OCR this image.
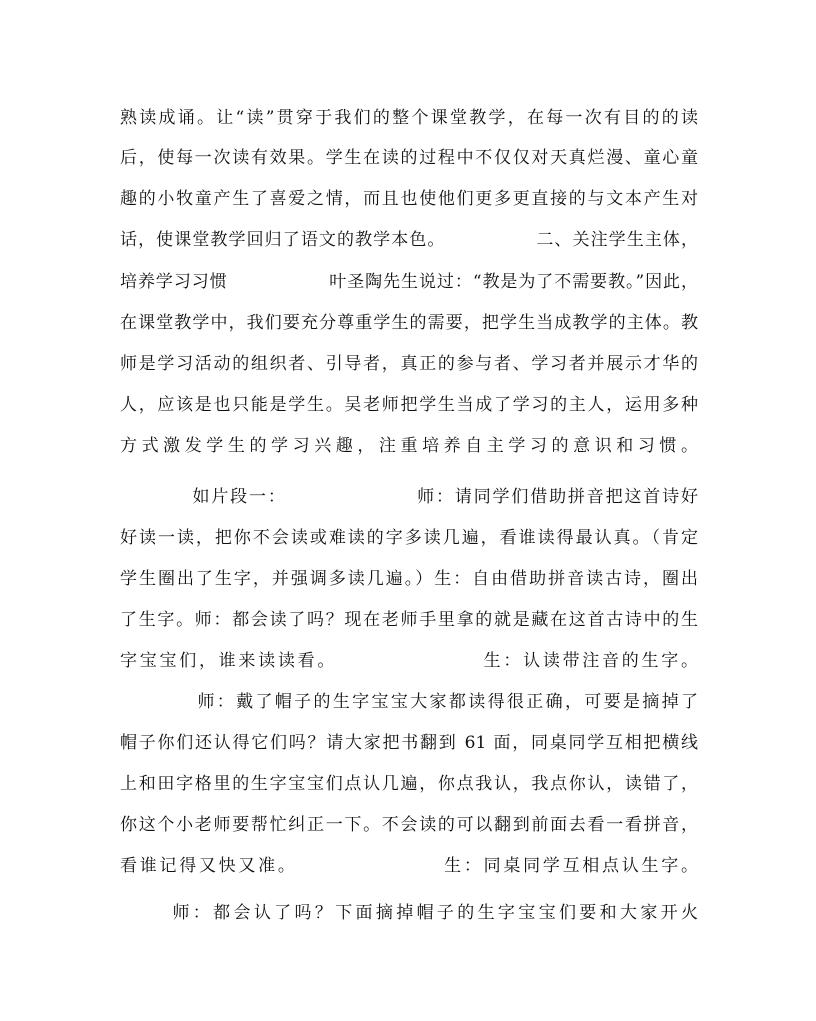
熟读成诵。让“读”贯穿于我们的整个课堂教学，在每一次有目的的读
后，使每一次读有效果。学生在读的过程中不仅仅对天真烂漫、童心童
趣的小牧童产生了喜爱之情，而且也使他们更多更直接的与文本产生对
话，使课堂教学回归了语文的教学本色。              二、关注学生主体，
培养学习习惯                叶圣陶先生说过：“教是为了不需要教。”因此，
在课堂教学中，我们要充分尊重学生的需要，把学生当成教学的主体。教
师是学习活动的组织者、引导者，真正的参与者、学习者并展示才华的
人，应该是也只能是学生。吴老师把学生当成了学习的主人，运用多种
方式激发学生的学习兴趣，注重培养自主学习的意识和习惯。
如片段一：                  师：请同学们借助拼音把这首诗好
好读一读，把你不会读或难读的字多读几遍，看谁读得最认真。（肯定
学生圈出了生字，并强调多读几遍。）生：自由借助拼音读古诗，圈出
了生字。师：都会读了吗？现在老师手里拿的就是藏在这首古诗中的生
字宝宝们，谁来读读看。                  生：认读带注音的生字。
师：戴了帽子的生字宝宝大家都读得很正确，可要是摘掉了
帽子你们还认得它们吗？请大家把书翻到 61 面，同桌同学互相把横线
上和田字格里的生字宝宝们点认几遍，你点我认，我点你认，读错了，
你这个小老师要帮忙纠正一下。不会读的可以翻到前面去看一看拼音，
看谁记得又快又准。                  生：同桌同学互相点认生字。
师：都会认了吗？下面摘掉帽子的生字宝宝们要和大家开火
